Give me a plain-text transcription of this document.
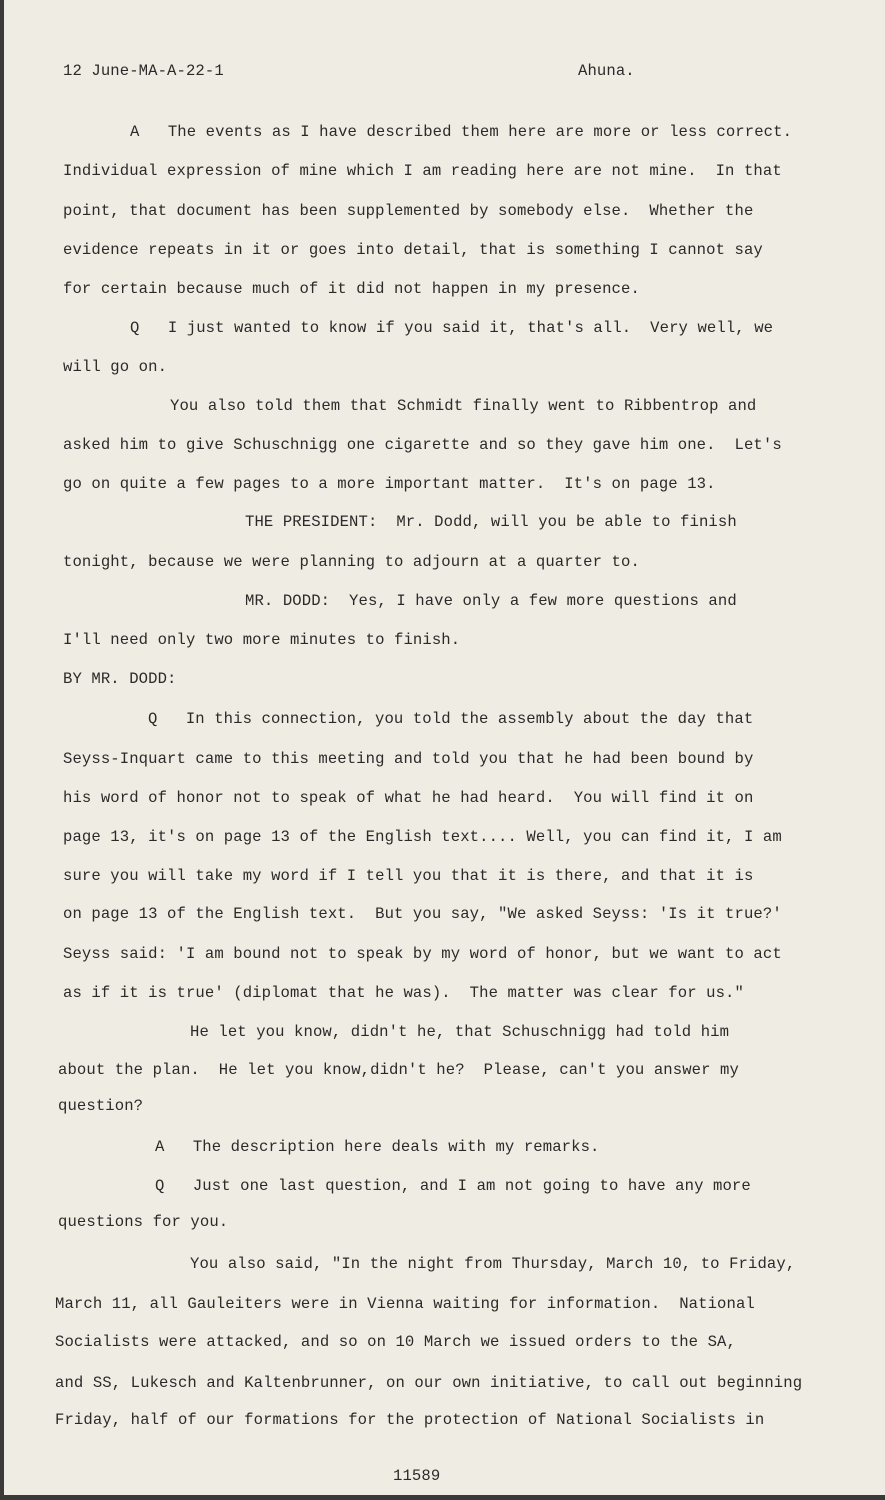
12 June-MA-A-22-1	Ahuna.
A   The events as I have described them here are more or less correct.
Individual expression of mine which I am reading here are not mine.  In that
point, that document has been supplemented by somebody else.  Whether the
evidence repeats in it or goes into detail, that is something I cannot say
for certain because much of it did not happen in my presence.
Q   I just wanted to know if you said it, that's all.  Very well, we
will go on.
You also told them that Schmidt finally went to Ribbentrop and
asked him to give Schuschnigg one cigarette and so they gave him one.  Let's
go on quite a few pages to a more important matter.  It's on page 13.
THE PRESIDENT:  Mr. Dodd, will you be able to finish
tonight, because we were planning to adjourn at a quarter to.
MR. DODD:  Yes, I have only a few more questions and
I'll need only two more minutes to finish.
BY MR. DODD:
Q   In this connection, you told the assembly about the day that
Seyss-Inquart came to this meeting and told you that he had been bound by
his word of honor not to speak of what he had heard.  You will find it on
page 13, it's on page 13 of the English text.... Well, you can find it, I am
sure you will take my word if I tell you that it is there, and that it is
on page 13 of the English text.  But you say, "We asked Seyss: 'Is it true?'
Seyss said: 'I am bound not to speak by my word of honor, but we want to act
as if it is true' (diplomat that he was).  The matter was clear for us."
He let you know, didn't he, that Schuschnigg had told him
about the plan.  He let you know,didn't he?  Please, can't you answer my
question?
A   The description here deals with my remarks.
Q   Just one last question, and I am not going to have any more
questions for you.
You also said, "In the night from Thursday, March 10, to Friday,
March 11, all Gauleiters were in Vienna waiting for information.  National
Socialists were attacked, and so on 10 March we issued orders to the SA,
and SS, Lukesch and Kaltenbrunner, on our own initiative, to call out beginning
Friday, half of our formations for the protection of National Socialists in
11589
